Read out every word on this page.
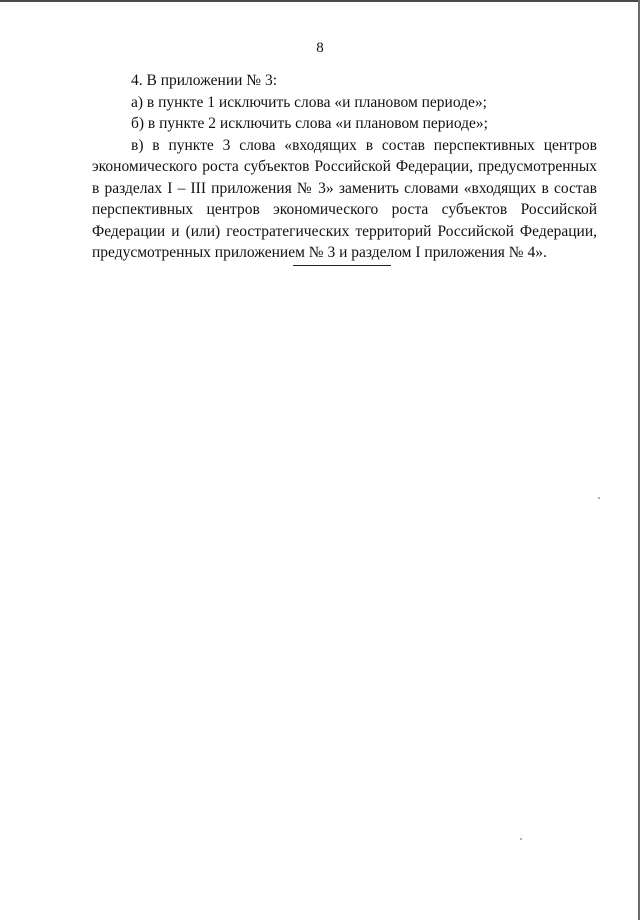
8

4. В приложении № 3:

а) в пункте 1 исключить слова «и плановом периоде»;

б) в пункте 2 исключить слова «и плановом периоде»;

в) в пункте 3 слова «входящих в состав перспективных центров экономического роста субъектов Российской Федерации, предусмотренных в разделах I – III приложения № 3» заменить словами «входящих в состав перспективных центров экономического роста субъектов Российской Федерации и (или) геостратегических территорий Российской Федерации, предусмотренных приложением № 3 и разделом I приложения № 4».
